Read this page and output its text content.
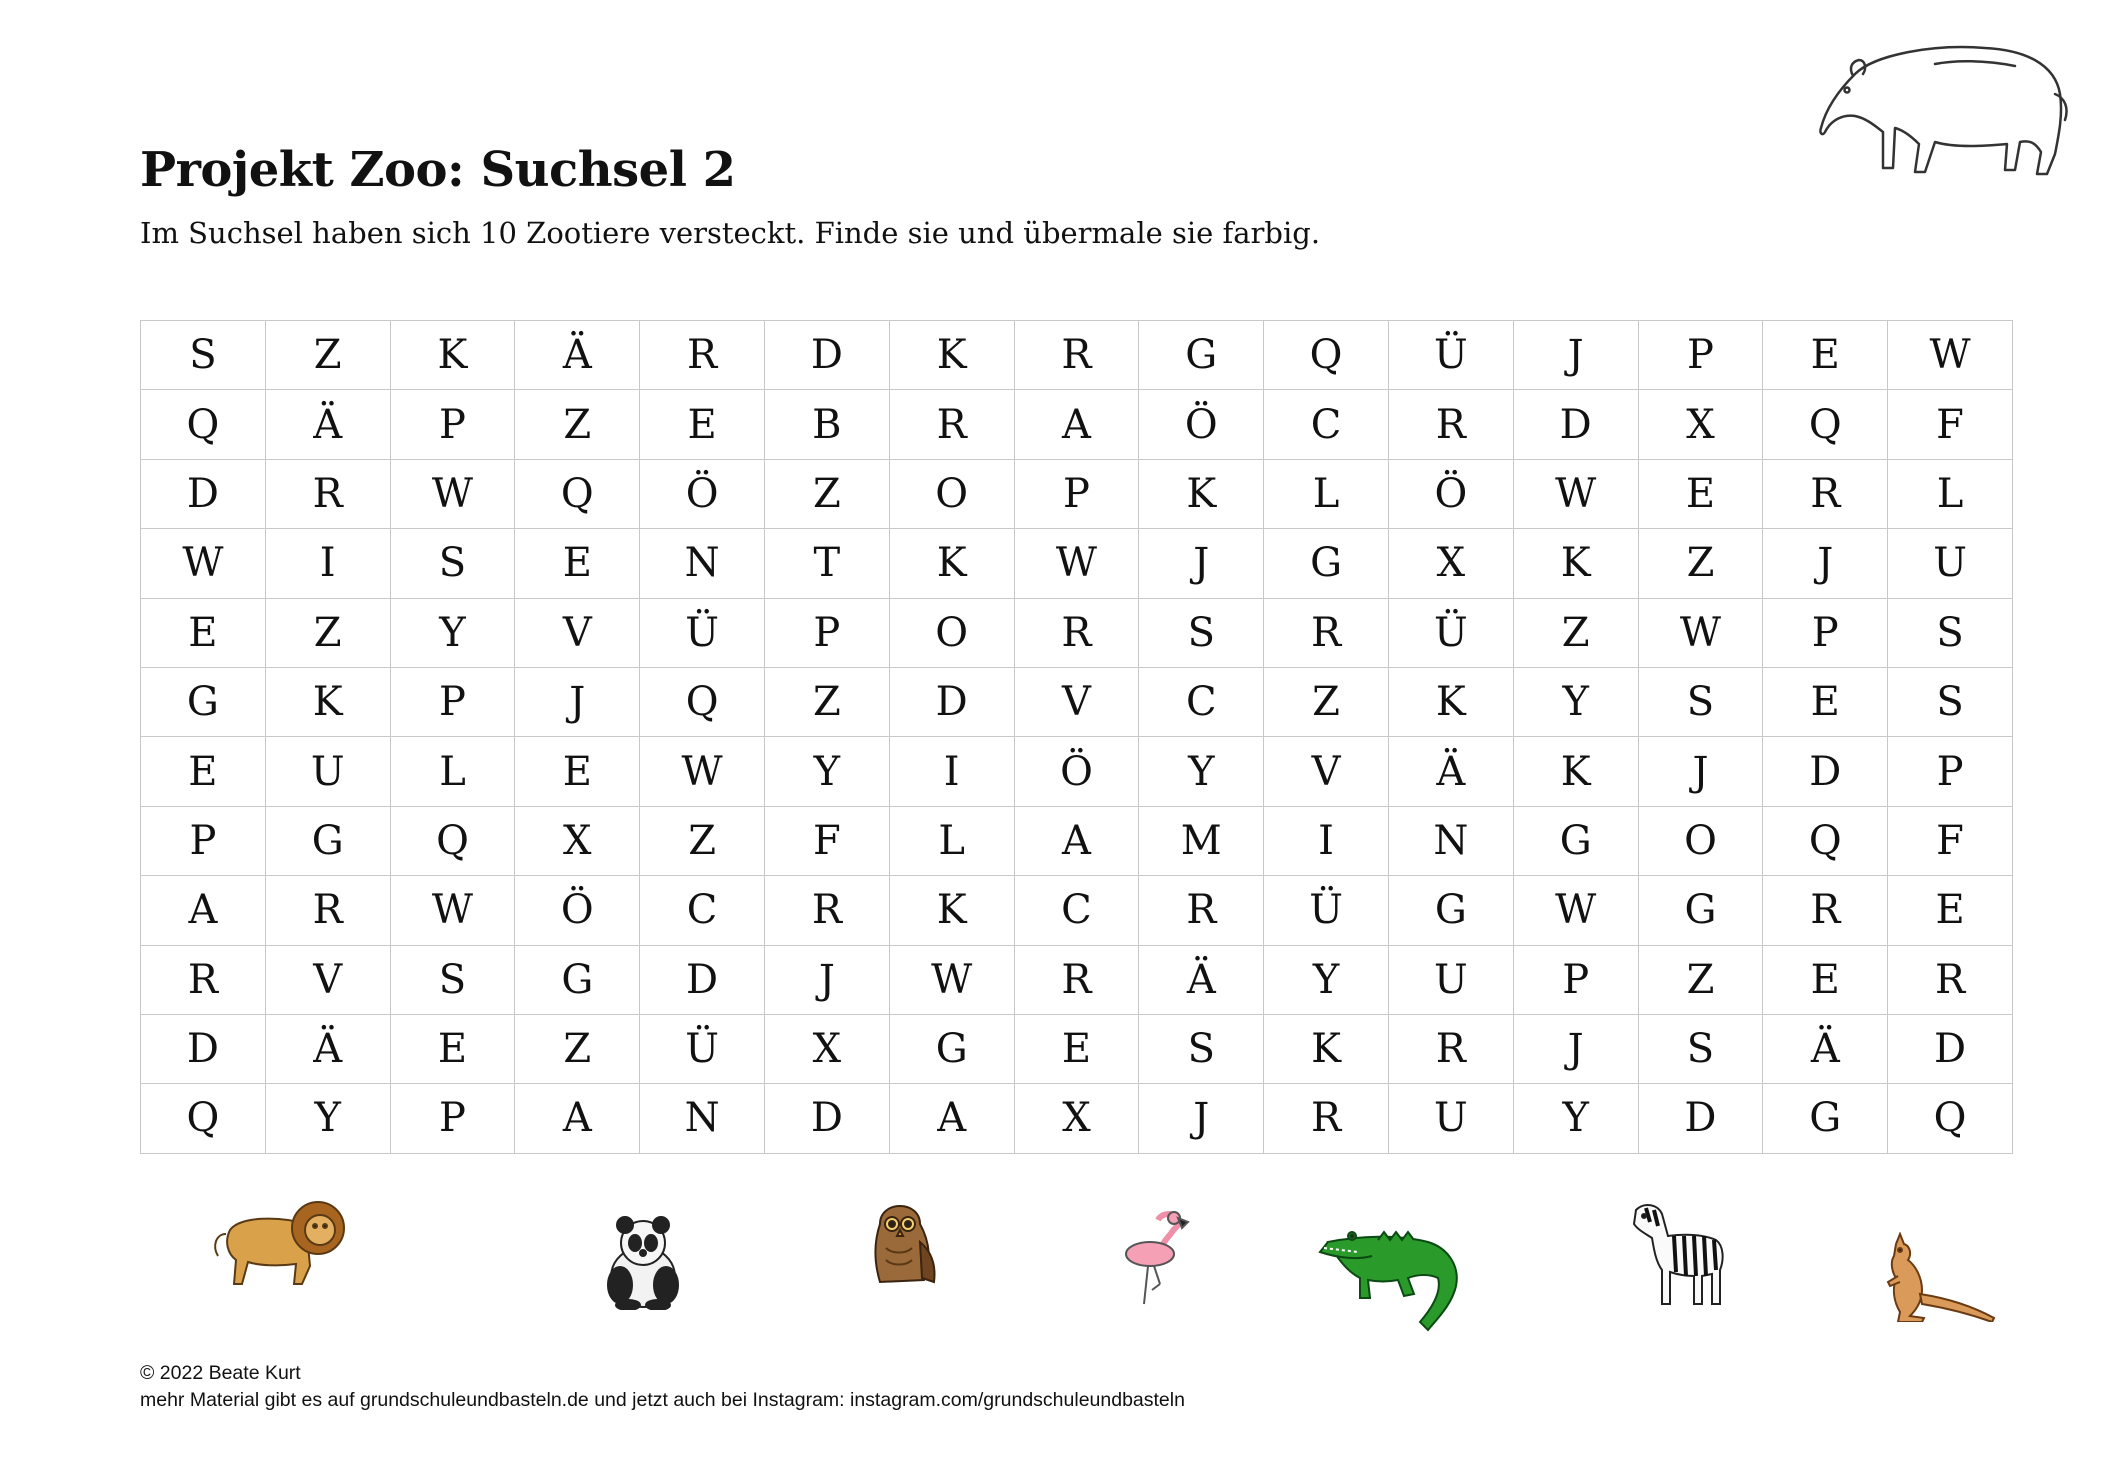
Projekt Zoo: Suchsel 2

Im Suchsel haben sich 10 Zootiere versteckt. Finde sie und übermale sie farbig.

S	Z	K	Ä	R	D	K	R	G	Q	Ü	J	P	E	W
Q	Ä	P	Z	E	B	R	A	Ö	C	R	D	X	Q	F
D	R	W	Q	Ö	Z	O	P	K	L	Ö	W	E	R	L
W	I	S	E	N	T	K	W	J	G	X	K	Z	J	U
E	Z	Y	V	Ü	P	O	R	S	R	Ü	Z	W	P	S
G	K	P	J	Q	Z	D	V	C	Z	K	Y	S	E	S
E	U	L	E	W	Y	I	Ö	Y	V	Ä	K	J	D	P
P	G	Q	X	Z	F	L	A	M	I	N	G	O	Q	F
A	R	W	Ö	C	R	K	C	R	Ü	G	W	G	R	E
R	V	S	G	D	J	W	R	Ä	Y	U	P	Z	E	R
D	Ä	E	Z	Ü	X	G	E	S	K	R	J	S	Ä	D
Q	Y	P	A	N	D	A	X	J	R	U	Y	D	G	Q
© 2022 Beate Kurt
mehr Material gibt es auf grundschuleundbasteln.de und jetzt auch bei Instagram: instagram.com/grundschuleundbasteln
